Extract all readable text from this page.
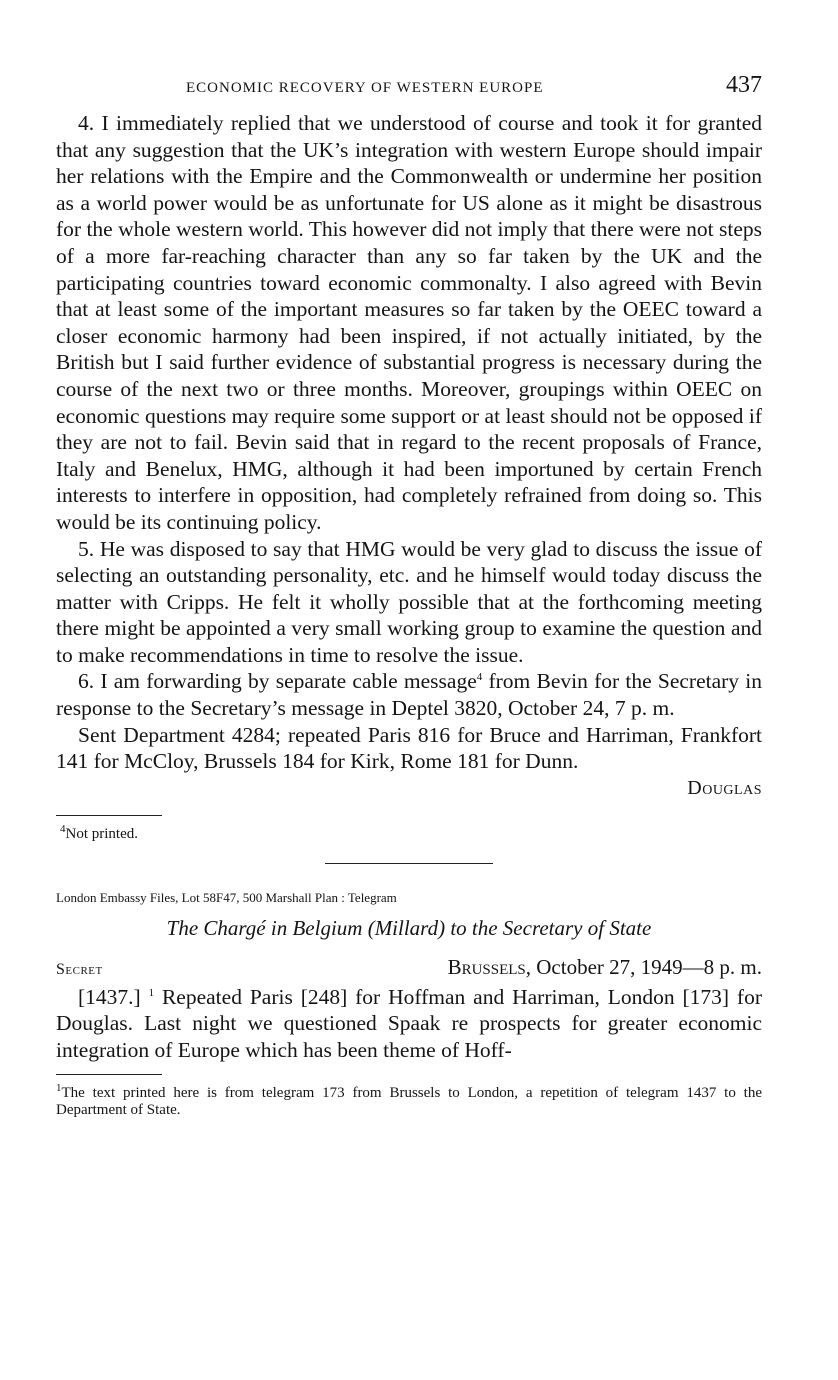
ECONOMIC RECOVERY OF WESTERN EUROPE	437

4. I immediately replied that we understood of course and took it for granted that any suggestion that the UK’s integration with western Europe should impair her relations with the Empire and the Commonwealth or undermine her position as a world power would be as unfortunate for US alone as it might be disastrous for the whole western world. This however did not imply that there were not steps of a more far-reaching character than any so far taken by the UK and the participating countries toward economic commonalty. I also agreed with Bevin that at least some of the important measures so far taken by the OEEC toward a closer economic harmony had been inspired, if not actually initiated, by the British but I said further evidence of substantial progress is necessary during the course of the next two or three months. Moreover, groupings within OEEC on economic questions may require some support or at least should not be opposed if they are not to fail. Bevin said that in regard to the recent proposals of France, Italy and Benelux, HMG, although it had been importuned by certain French interests to interfere in opposition, had completely refrained from doing so. This would be its continuing policy.

5. He was disposed to say that HMG would be very glad to discuss the issue of selecting an outstanding personality, etc. and he himself would today discuss the matter with Cripps. He felt it wholly possible that at the forthcoming meeting there might be appointed a very small working group to examine the question and to make recommendations in time to resolve the issue.

6. I am forwarding by separate cable message$^4$ from Bevin for the Secretary in response to the Secretary’s message in Deptel 3820, October 24, 7 p. m.

Sent Department 4284; repeated Paris 816 for Bruce and Harriman, Frankfort 141 for McCloy, Brussels 184 for Kirk, Rome 181 for Dunn.

Douglas
$^4$Not printed.
London Embassy Files, Lot 58F47, 500 Marshall Plan : Telegram
The Chargé in Belgium (Millard) to the Secretary of State
Secret	Brussels, October 27, 1949—8 p. m.

[1437.] $^1$ Repeated Paris [248] for Hoffman and Harriman, London [173] for Douglas. Last night we questioned Spaak re prospects for greater economic integration of Europe which has been theme of Hoff-

$^1$The text printed here is from telegram 173 from Brussels to London, a repetition of telegram 1437 to the Department of State.
